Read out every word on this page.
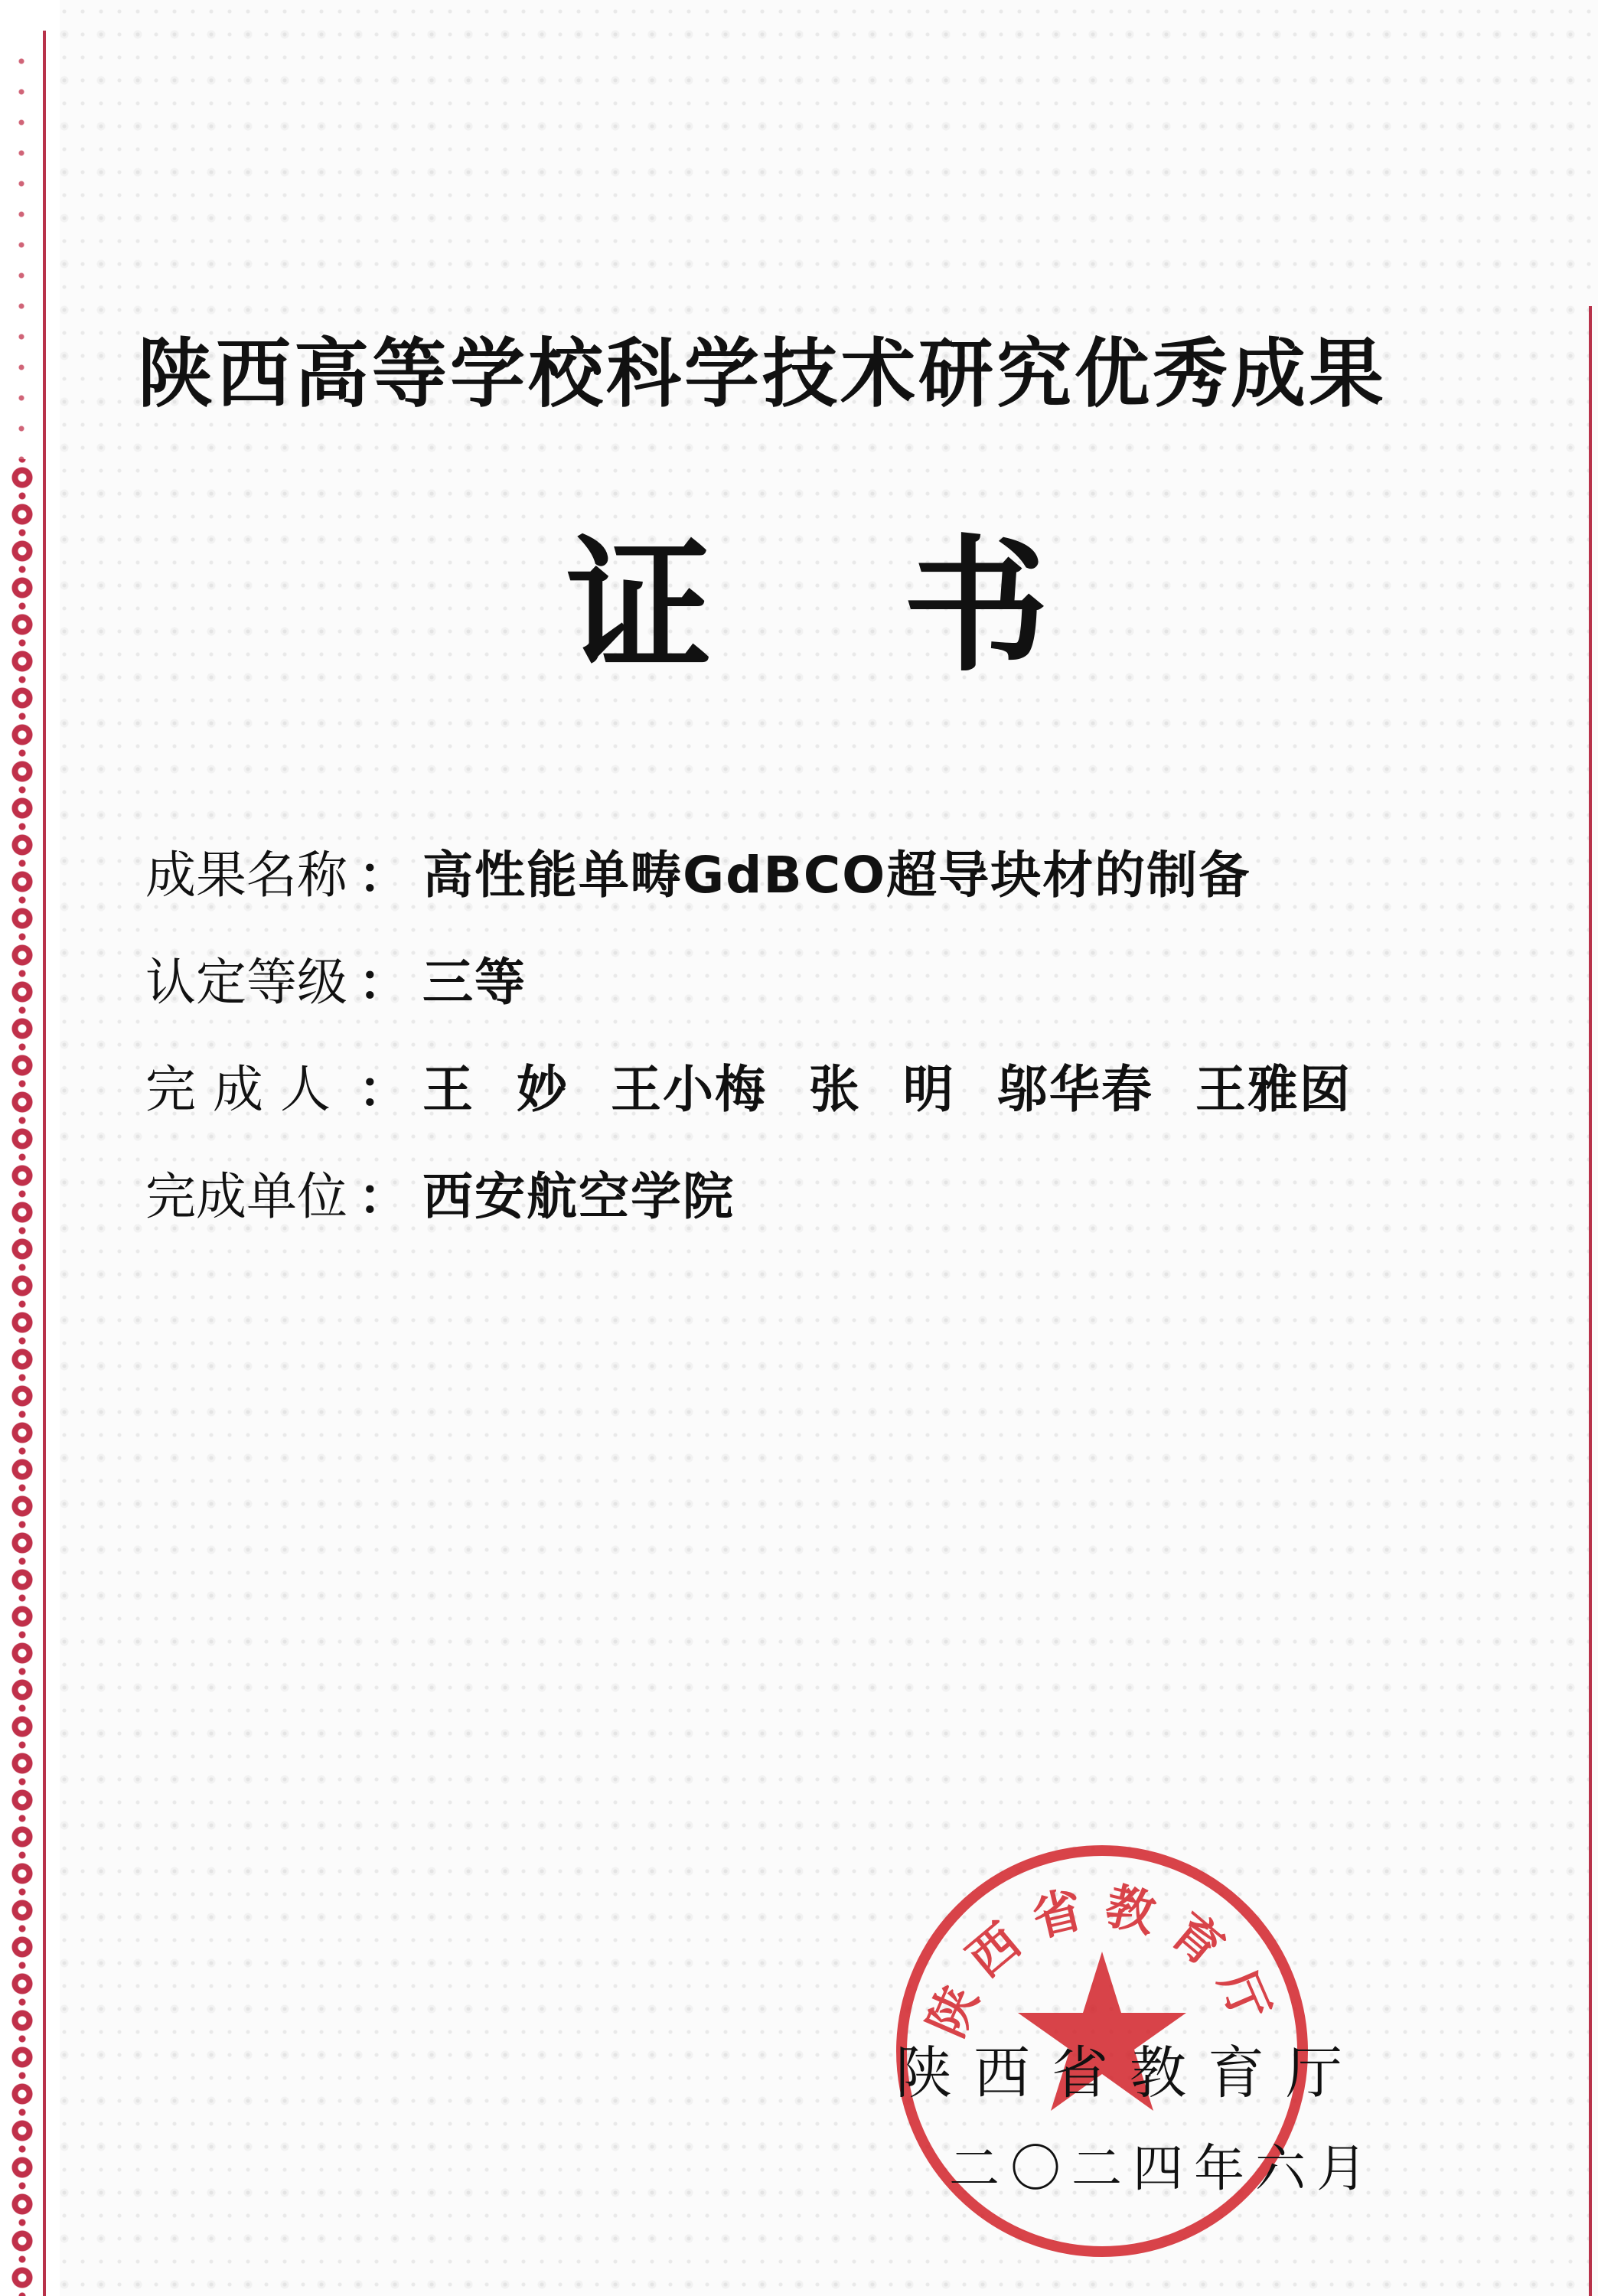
陕西高等学校科学技术研究优秀成果
证书
成果名称 ： 高性能单畴GdBCO超导块材的制备
认定等级 ： 三等
完成人 ： 王 妙 王小梅 张 明 邬华春 王雅囡
完成单位 ： 西安航空学院
陕西省教育厅
陕西省教育厅
二〇二四年六月
